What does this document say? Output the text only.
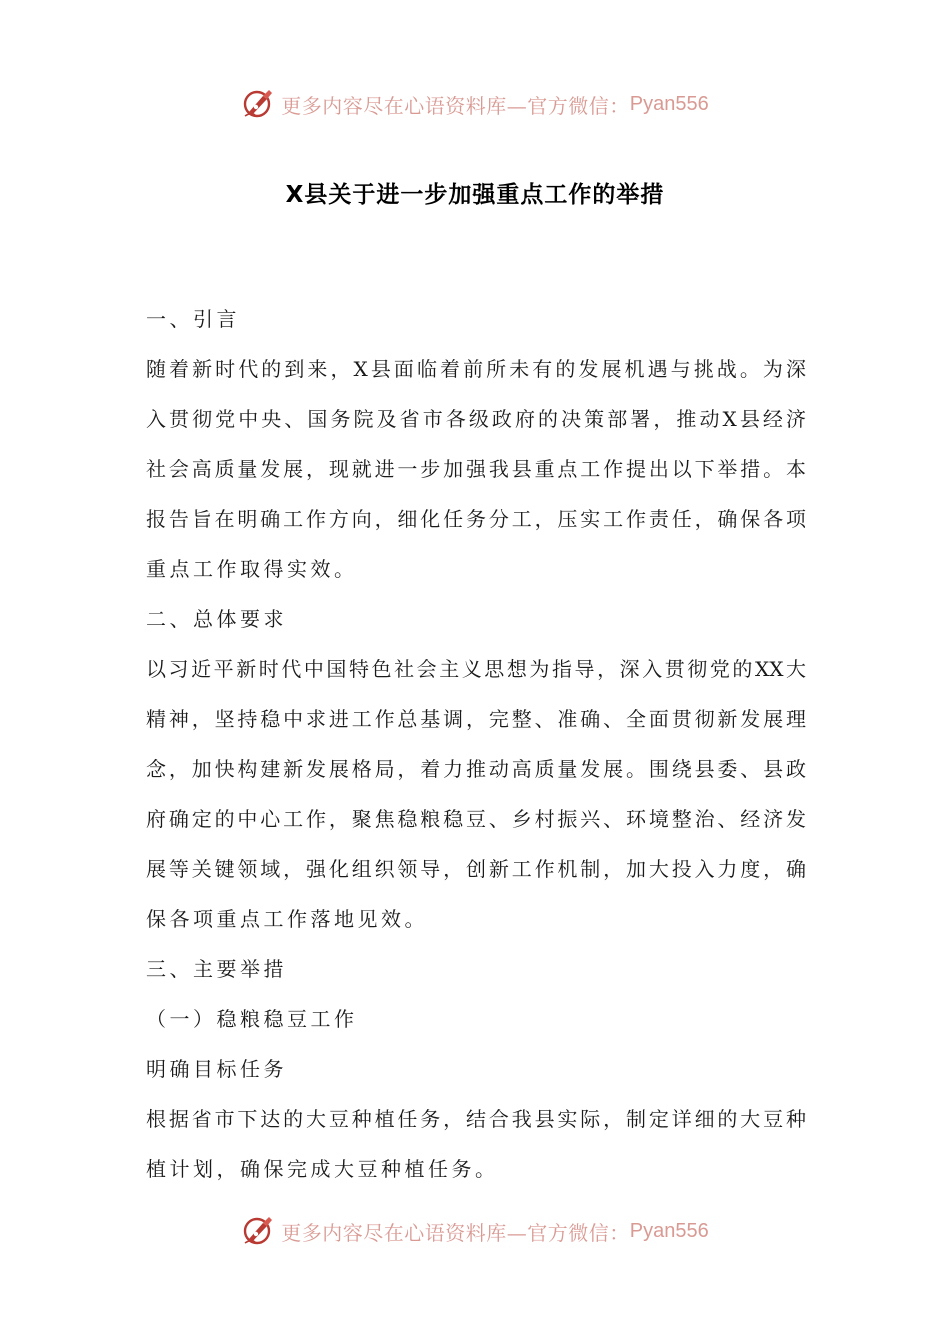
更多内容尽在心语资料库—官方微信： Pyan556
X县关于进一步加强重点工作的举措
一、引言
随着新时代的到来，X县面临着前所未有的发展机遇与挑战。为深
入贯彻党中央、国务院及省市各级政府的决策部署，推动X县经济
社会高质量发展，现就进一步加强我县重点工作提出以下举措。本
报告旨在明确工作方向，细化任务分工，压实工作责任，确保各项
重点工作取得实效。
二、总体要求
以习近平新时代中国特色社会主义思想为指导，深入贯彻党的XX大
精神，坚持稳中求进工作总基调，完整、准确、全面贯彻新发展理
念，加快构建新发展格局，着力推动高质量发展。围绕县委、县政
府确定的中心工作，聚焦稳粮稳豆、乡村振兴、环境整治、经济发
展等关键领域，强化组织领导，创新工作机制，加大投入力度，确
保各项重点工作落地见效。
三、主要举措
（一）稳粮稳豆工作
明确目标任务
根据省市下达的大豆种植任务，结合我县实际，制定详细的大豆种
植计划，确保完成大豆种植任务。
更多内容尽在心语资料库—官方微信： Pyan556
